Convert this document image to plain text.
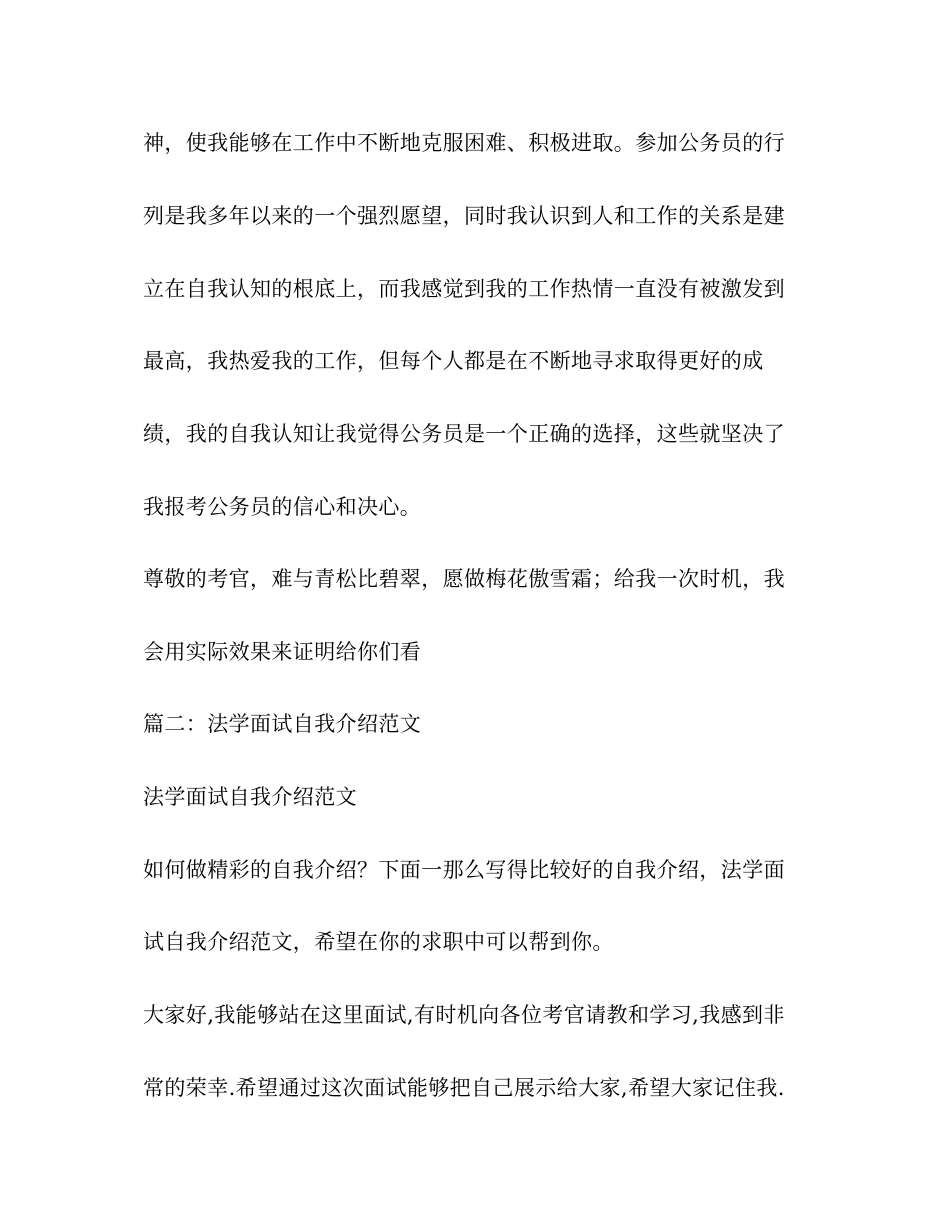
神，使我能够在工作中不断地克服困难、积极进取。参加公务员的行
列是我多年以来的一个强烈愿望，同时我认识到人和工作的关系是建
立在自我认知的根底上，而我感觉到我的工作热情一直没有被激发到
最高，我热爱我的工作，但每个人都是在不断地寻求取得更好的成
绩，我的自我认知让我觉得公务员是一个正确的选择，这些就坚决了
我报考公务员的信心和决心。
尊敬的考官，难与青松比碧翠，愿做梅花傲雪霜；给我一次时机，我
会用实际效果来证明给你们看
篇二：法学面试自我介绍范文
法学面试自我介绍范文
如何做精彩的自我介绍？下面一那么写得比较好的自我介绍，法学面
试自我介绍范文，希望在你的求职中可以帮到你。
大家好,我能够站在这里面试,有时机向各位考官请教和学习,我感到非
常的荣幸.希望通过这次面试能够把自己展示给大家,希望大家记住我.
